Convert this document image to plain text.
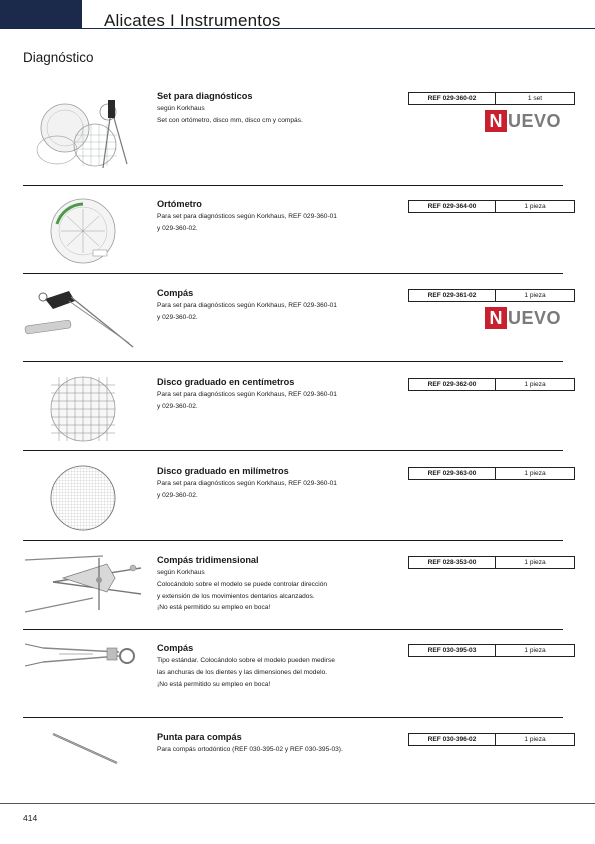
Alicates I Instrumentos
Diagnóstico
Set para diagnósticos
según Korkhaus
Set con ortómetro, disco mm, disco cm y compás.
REF 029-360-02	1 set
N UEVO
Ortómetro
Para set para diagnósticos según Korkhaus, REF 029-360-01
y 029-360-02.
REF 029-364-00	1 pieza
Compás
Para set para diagnósticos según Korkhaus, REF 029-360-01
y 029-360-02.
REF 029-361-02	1 pieza
N UEVO
Disco graduado en centímetros
Para set para diagnósticos según Korkhaus, REF 029-360-01
y 029-360-02.
REF 029-362-00	1 pieza
Disco graduado en milímetros
Para set para diagnósticos según Korkhaus, REF 029-360-01
y 029-360-02.
REF 029-363-00	1 pieza
Compás tridimensional
según Korkhaus
Colocándolo sobre el modelo se puede controlar dirección
y extensión de los movimientos dentarios alcanzados.
¡No está permitido su empleo en boca!
REF 028-353-00	1 pieza
Compás
Tipo estándar. Colocándolo sobre el modelo pueden medirse
las anchuras de los dientes y las dimensiones del modelo.
¡No está permitido su empleo en boca!
REF 030-395-03	1 pieza
Punta para compás
Para compás ortodóntico (REF 030-395-02 y REF 030-395-03).
REF 030-396-02	1 pieza
414
